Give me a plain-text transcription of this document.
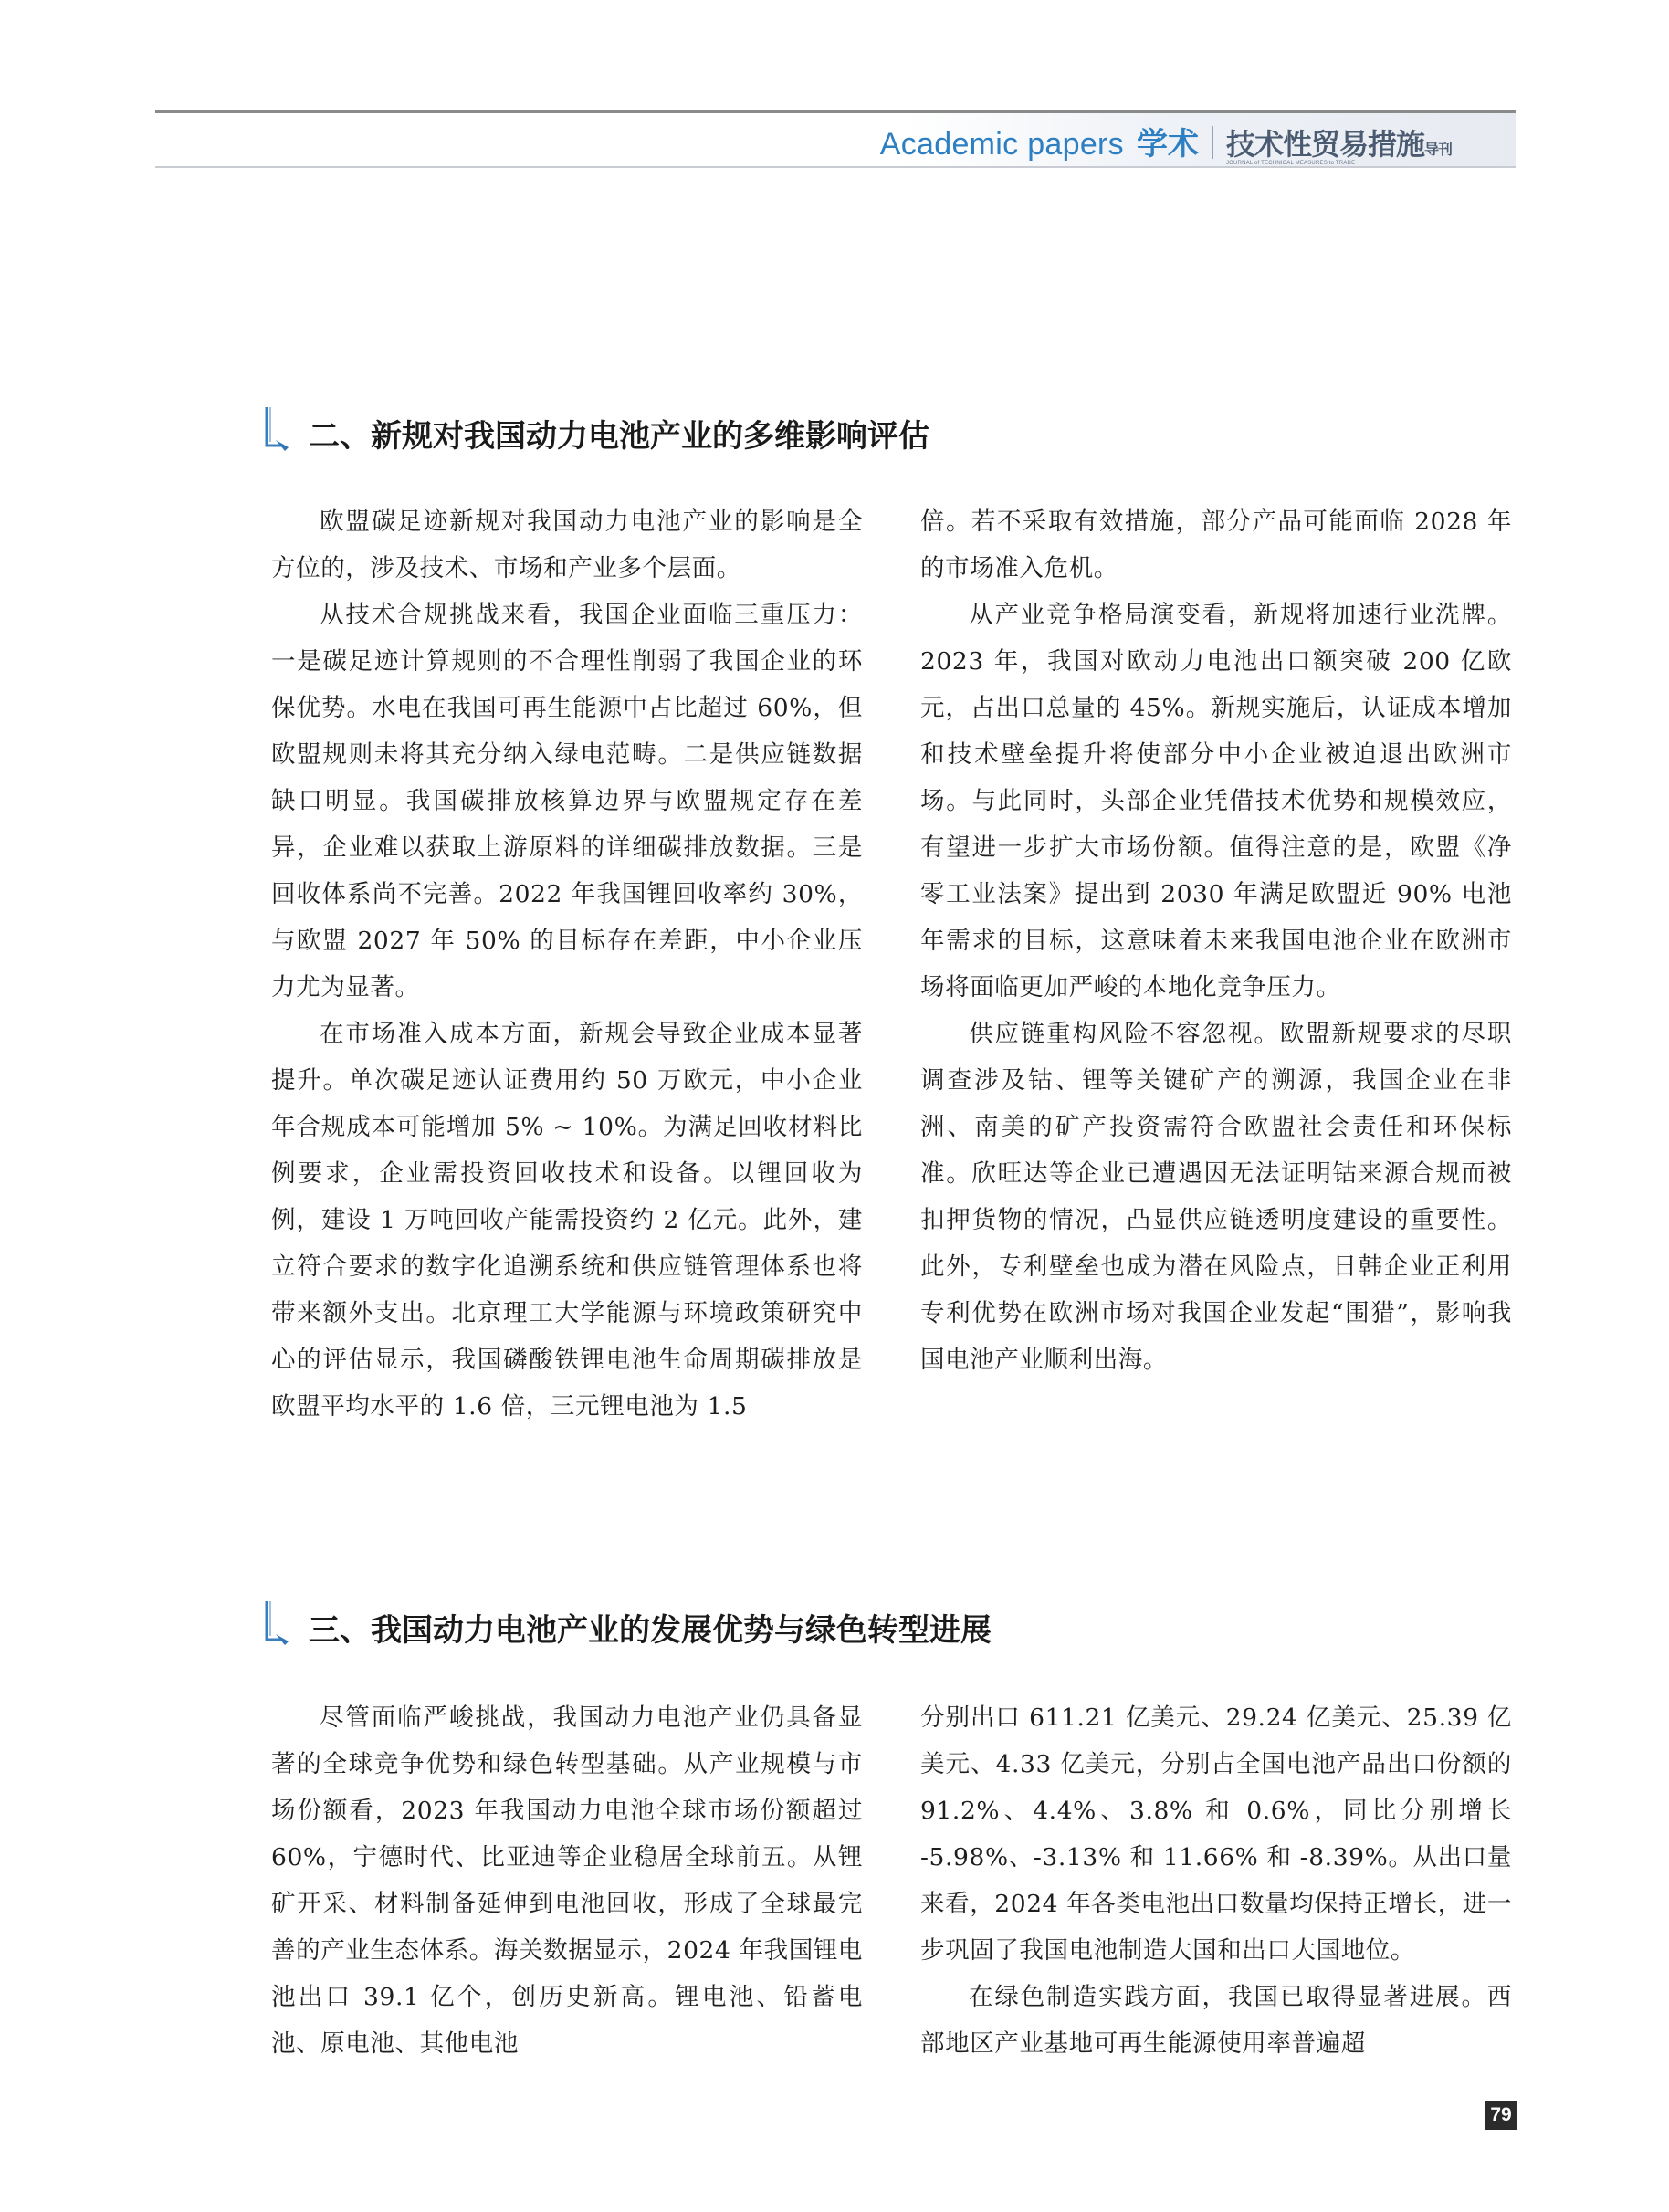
Academic papers 学术 技术性贸易措施导刊
JOURNAL of TECHNICAL MEASURES to TRADE
二、新规对我国动力电池产业的多维影响评估

欧盟碳足迹新规对我国动力电池产业的影响是全方位的，涉及技术、市场和产业多个层面。

从技术合规挑战来看，我国企业面临三重压力：一是碳足迹计算规则的不合理性削弱了我国企业的环保优势。水电在我国可再生能源中占比超过 60%，但欧盟规则未将其充分纳入绿电范畴。二是供应链数据缺口明显。我国碳排放核算边界与欧盟规定存在差异，企业难以获取上游原料的详细碳排放数据。三是回收体系尚不完善。2022 年我国锂回收率约 30%，与欧盟 2027 年 50% 的目标存在差距，中小企业压力尤为显著。

在市场准入成本方面，新规会导致企业成本显著提升。单次碳足迹认证费用约 50 万欧元，中小企业年合规成本可能增加 5% ~ 10%。为满足回收材料比例要求，企业需投资回收技术和设备。以锂回收为例，建设 1 万吨回收产能需投资约 2 亿元。此外，建立符合要求的数字化追溯系统和供应链管理体系也将带来额外支出。北京理工大学能源与环境政策研究中心的评估显示，我国磷酸铁锂电池生命周期碳排放是欧盟平均水平的 1.6 倍，三元锂电池为 1.5

倍。若不采取有效措施，部分产品可能面临 2028 年的市场准入危机。

从产业竞争格局演变看，新规将加速行业洗牌。2023 年，我国对欧动力电池出口额突破 200 亿欧元，占出口总量的 45%。新规实施后，认证成本增加和技术壁垒提升将使部分中小企业被迫退出欧洲市场。与此同时，头部企业凭借技术优势和规模效应，有望进一步扩大市场份额。值得注意的是，欧盟《净零工业法案》提出到 2030 年满足欧盟近 90% 电池年需求的目标，这意味着未来我国电池企业在欧洲市场将面临更加严峻的本地化竞争压力。

供应链重构风险不容忽视。欧盟新规要求的尽职调查涉及钴、锂等关键矿产的溯源，我国企业在非洲、南美的矿产投资需符合欧盟社会责任和环保标准。欣旺达等企业已遭遇因无法证明钴来源合规而被扣押货物的情况，凸显供应链透明度建设的重要性。此外，专利壁垒也成为潜在风险点，日韩企业正利用专利优势在欧洲市场对我国企业发起“围猎”，影响我国电池产业顺利出海。

三、我国动力电池产业的发展优势与绿色转型进展

尽管面临严峻挑战，我国动力电池产业仍具备显著的全球竞争优势和绿色转型基础。从产业规模与市场份额看，2023 年我国动力电池全球市场份额超过 60%，宁德时代、比亚迪等企业稳居全球前五。从锂矿开采、材料制备延伸到电池回收，形成了全球最完善的产业生态体系。海关数据显示，2024 年我国锂电池出口 39.1 亿个，创历史新高。锂电池、铅蓄电池、原电池、其他电池

分别出口 611.21 亿美元、29.24 亿美元、25.39 亿美元、4.33 亿美元，分别占全国电池产品出口份额的 91.2%、4.4%、3.8% 和 0.6%，同比分别增长 -5.98%、-3.13% 和 11.66% 和 -8.39%。从出口量来看，2024 年各类电池出口数量均保持正增长，进一步巩固了我国电池制造大国和出口大国地位。

在绿色制造实践方面，我国已取得显著进展。西部地区产业基地可再生能源使用率普遍超

79
